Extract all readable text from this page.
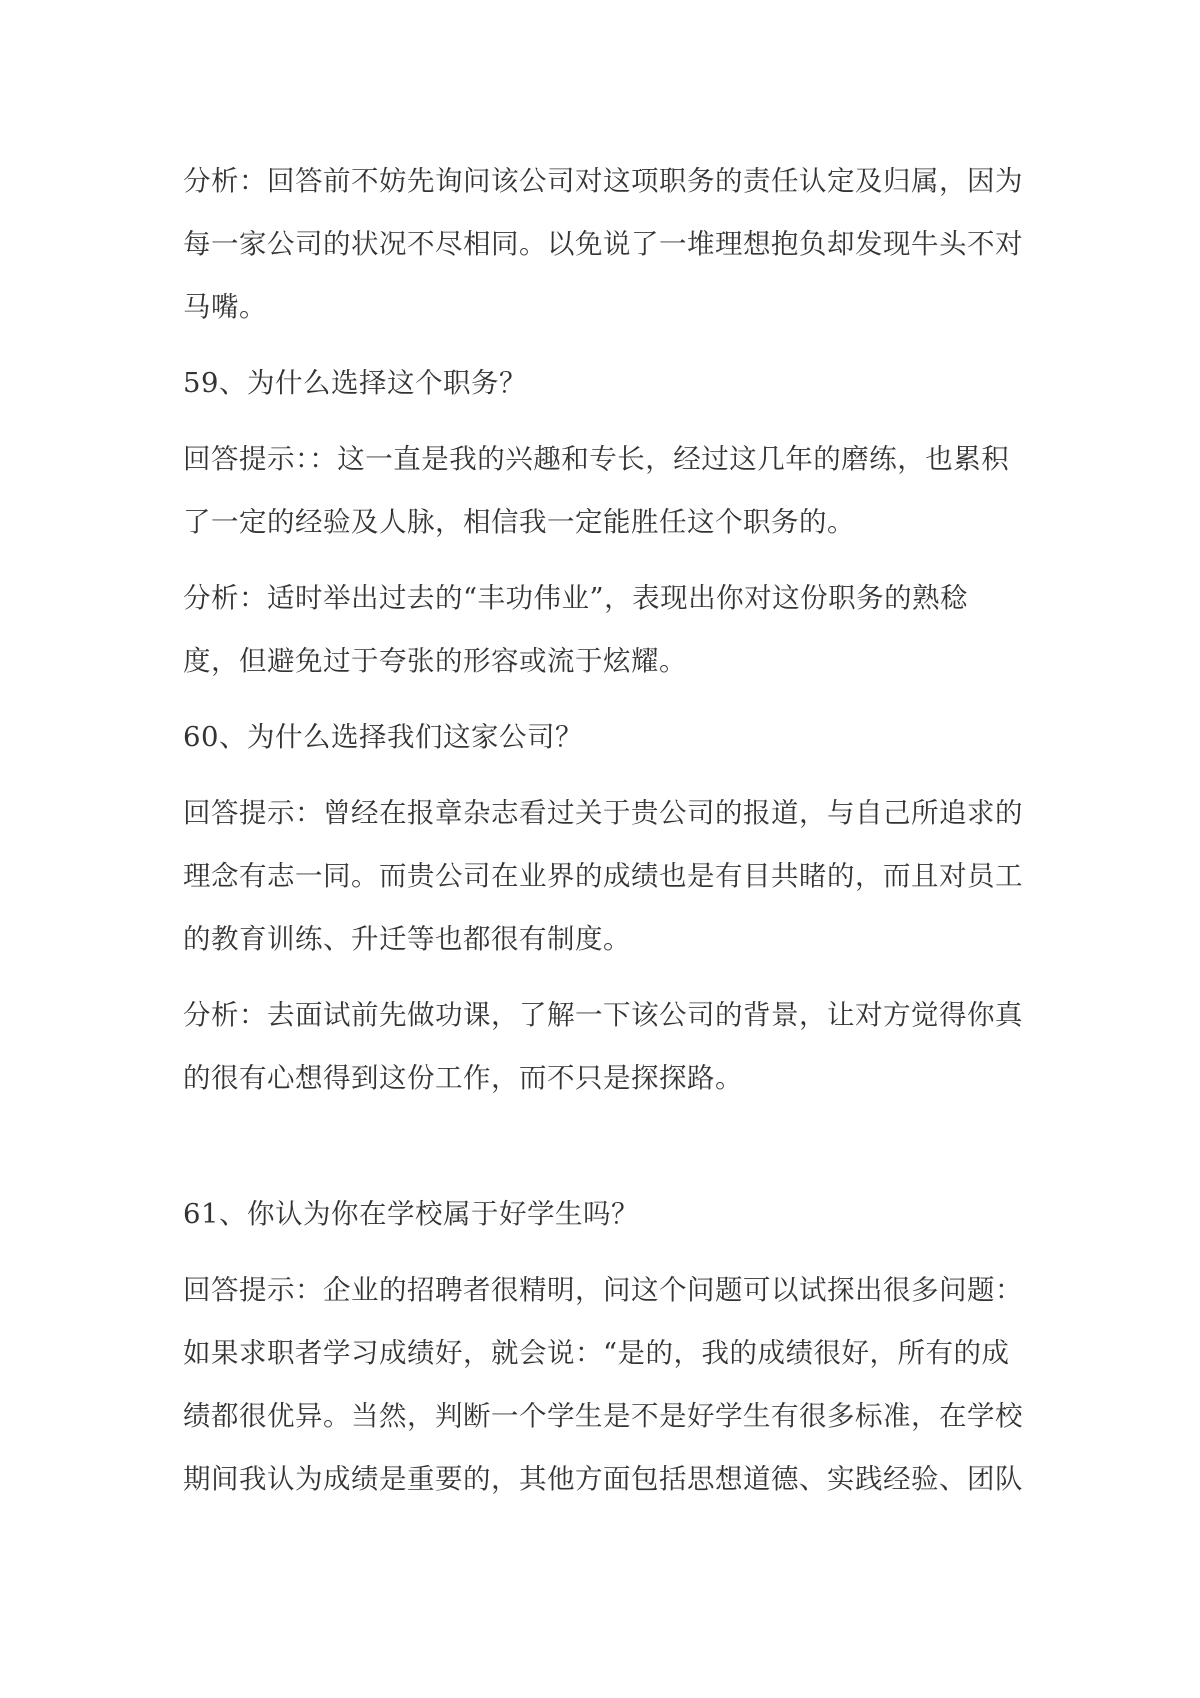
分析：回答前不妨先询问该公司对这项职务的责任认定及归属，因为每一家公司的状况不尽相同。以免说了一堆理想抱负却发现牛头不对马嘴。

59、为什么选择这个职务？

回答提示：：这一直是我的兴趣和专长，经过这几年的磨练，也累积了一定的经验及人脉，相信我一定能胜任这个职务的。

分析：适时举出过去的“丰功伟业”，表现出你对这份职务的熟稔度，但避免过于夸张的形容或流于炫耀。

60、为什么选择我们这家公司？

回答提示：曾经在报章杂志看过关于贵公司的报道，与自己所追求的理念有志一同。而贵公司在业界的成绩也是有目共睹的，而且对员工的教育训练、升迁等也都很有制度。

分析：去面试前先做功课，了解一下该公司的背景，让对方觉得你真的很有心想得到这份工作，而不只是探探路。

61、你认为你在学校属于好学生吗？

回答提示：企业的招聘者很精明，问这个问题可以试探出很多问题：如果求职者学习成绩好，就会说：“是的，我的成绩很好，所有的成绩都很优异。当然，判断一个学生是不是好学生有很多标准，在学校期间我认为成绩是重要的，其他方面包括思想道德、实践经验、团队
